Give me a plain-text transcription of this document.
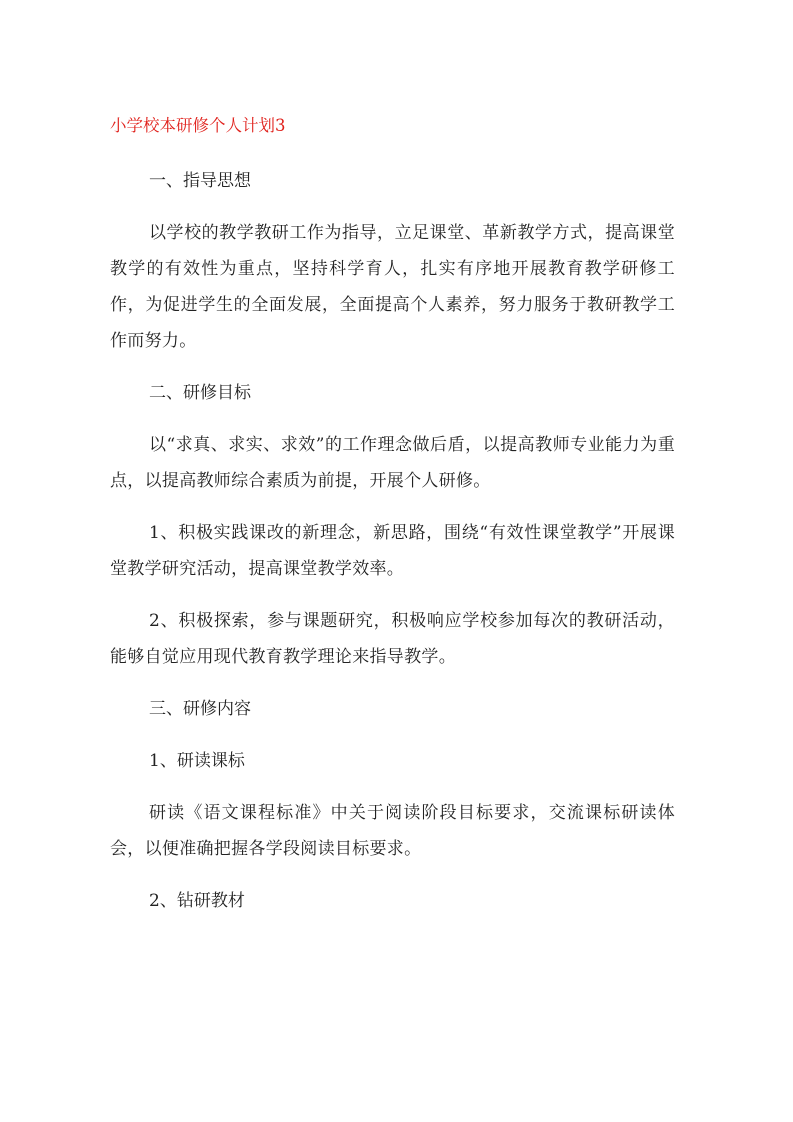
小学校本研修个人计划3

一、指导思想

以学校的教学教研工作为指导，立足课堂、革新教学方式，提高课堂教学的有效性为重点，坚持科学育人，扎实有序地开展教育教学研修工作，为促进学生的全面发展，全面提高个人素养，努力服务于教研教学工作而努力。

二、研修目标

以“求真、求实、求效”的工作理念做后盾，以提高教师专业能力为重点，以提高教师综合素质为前提，开展个人研修。

1、积极实践课改的新理念，新思路，围绕“有效性课堂教学”开展课堂教学研究活动，提高课堂教学效率。

2、积极探索，参与课题研究，积极响应学校参加每次的教研活动，能够自觉应用现代教育教学理论来指导教学。

三、研修内容

1、研读课标

研读《语文课程标准》中关于阅读阶段目标要求，交流课标研读体会，以便准确把握各学段阅读目标要求。

2、钻研教材
